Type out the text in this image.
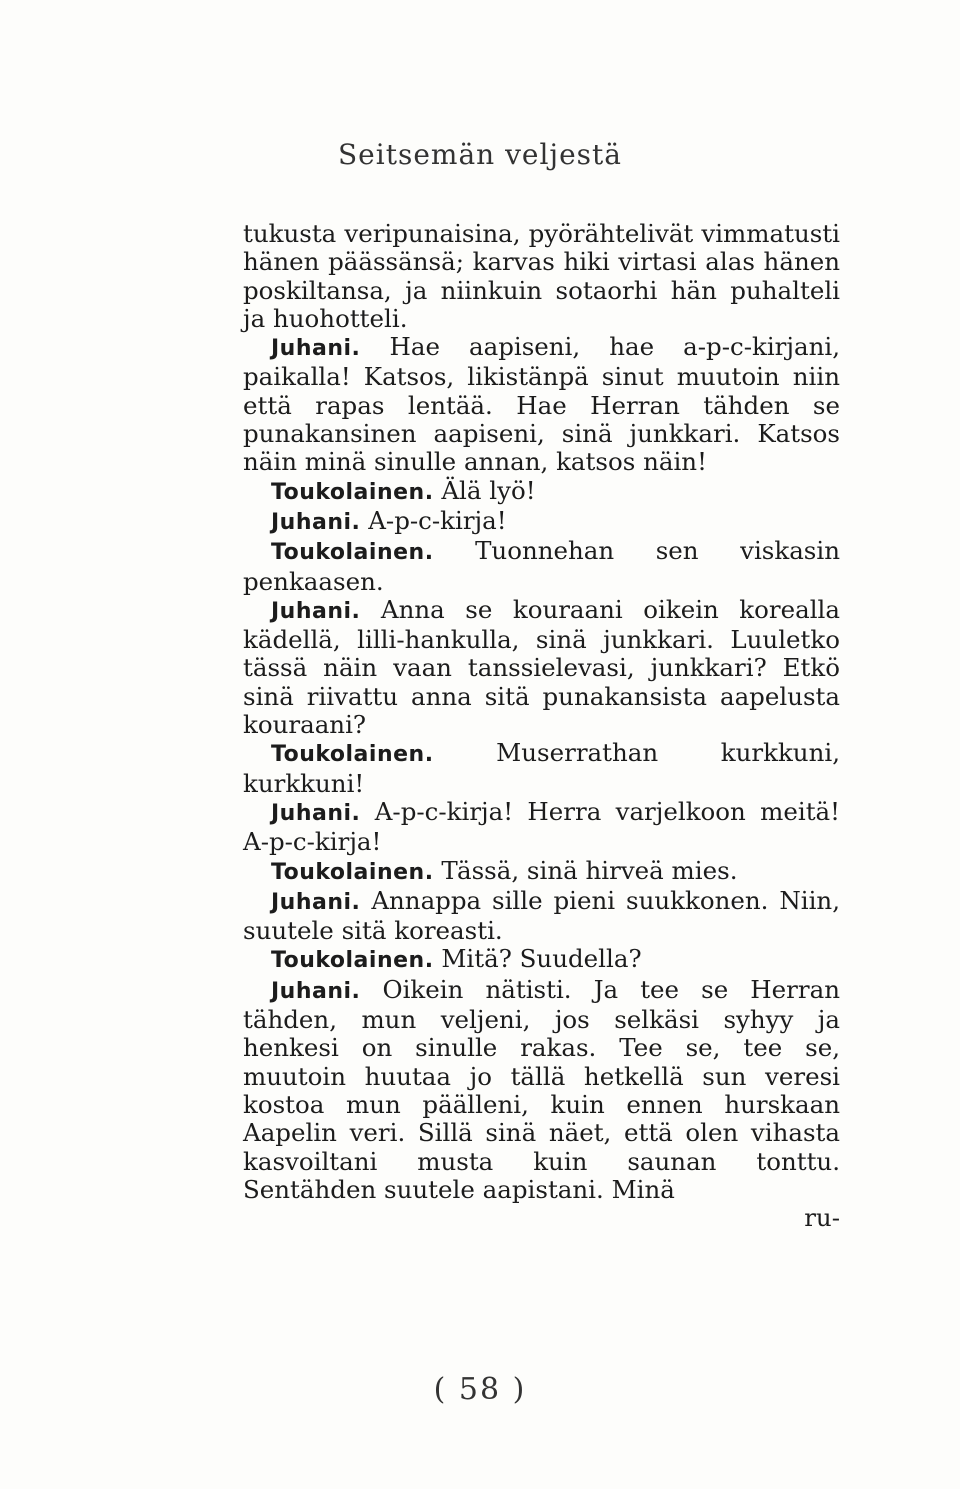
Seitsemän veljestä

tukusta veripunaisina, pyörähtelivät vimmatusti hänen päässänsä; karvas hiki virtasi alas hänen poskiltansa, ja niinkuin sotaorhi hän puhalteli ja huohotteli.

Juhani. Hae aapiseni, hae a-p-c-kirjani, paikalla! Katsos, likistänpä sinut muutoin niin että rapas lentää. Hae Herran tähden se punakansinen aapiseni, sinä junkkari. Katsos näin minä sinulle annan, katsos näin!

Toukolainen. Älä lyö!

Juhani. A-p-c-kirja!

Toukolainen. Tuonnehan sen viskasin penkaasen.

Juhani. Anna se kouraani oikein korealla kädellä, lilli-hankulla, sinä junkkari. Luuletko tässä näin vaan tanssielevasi, junkkari? Etkö sinä riivattu anna sitä punakansista aapelusta kouraani?

Toukolainen.	Muserrathan kurkkuni, kurkkuni!

Juhani. A-p-c-kirja! Herra varjelkoon meitä! A-p-c-kirja!

Toukolainen. Tässä, sinä hirveä mies.

Juhani. Annappa sille pieni suukkonen. Niin, suutele sitä koreasti.

Toukolainen. Mitä? Suudella?

Juhani. Oikein nätisti. Ja tee se Herran tähden, mun veljeni, jos selkäsi syhyy ja henkesi on sinulle rakas. Tee se, tee se, muutoin huutaa jo tällä hetkellä sun veresi kostoa mun päälleni, kuin ennen hurskaan Aapelin veri. Sillä sinä näet, että olen vihasta kasvoiltani musta kuin saunan tonttu. Sentähden suutele aapistani. Minä

ru-

( 58 )
